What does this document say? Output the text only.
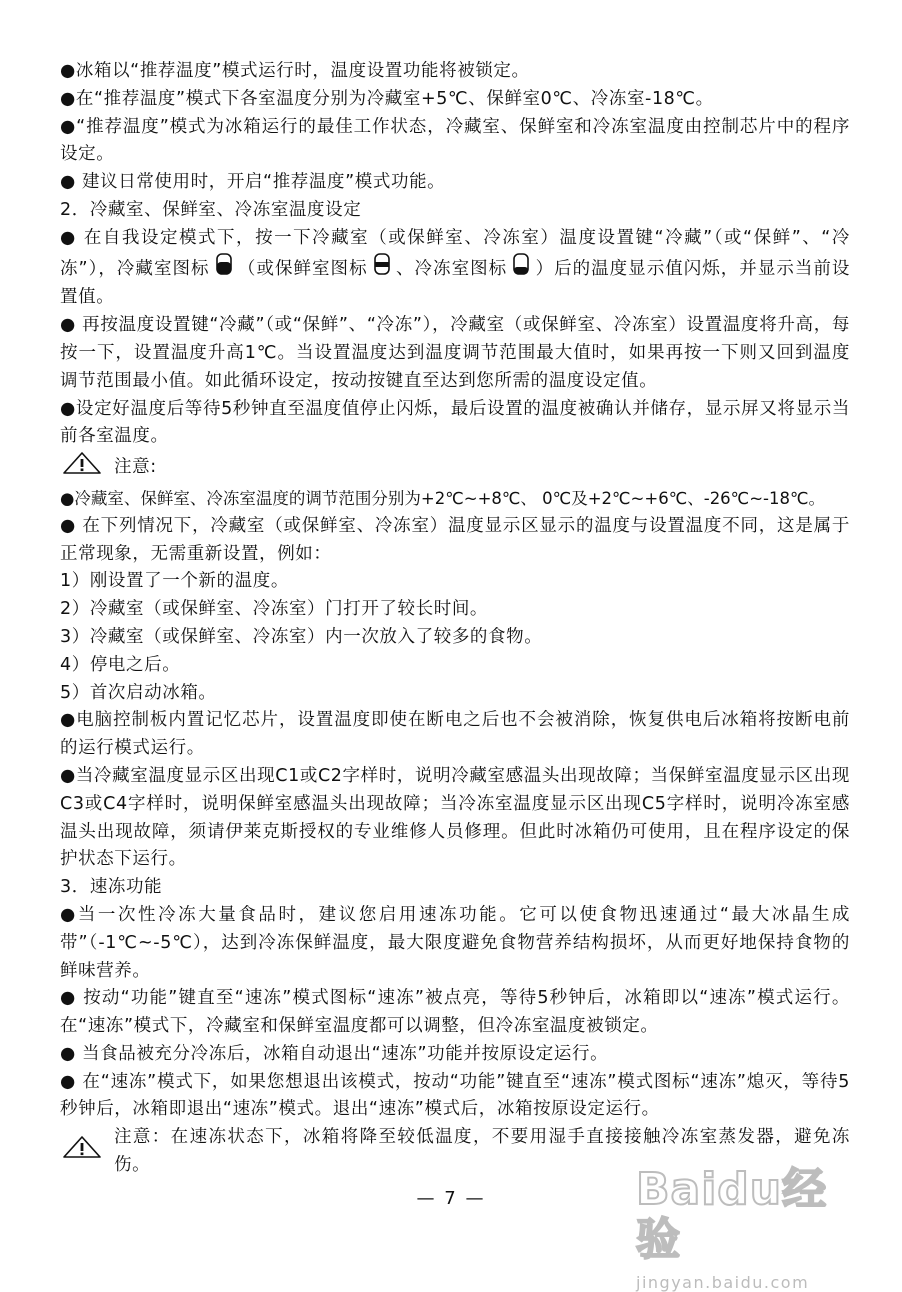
●冰箱以“推荐温度”模式运行时，温度设置功能将被锁定。

●在“推荐温度”模式下各室温度分别为冷藏室+5℃、保鲜室0℃、冷冻室-18℃。

●“推荐温度”模式为冰箱运行的最佳工作状态，冷藏室、保鲜室和冷冻室温度由控制芯片中的程序设定。

● 建议日常使用时，开启“推荐温度”模式功能。

2．冷藏室、保鲜室、冷冻室温度设定

● 在自我设定模式下，按一下冷藏室（或保鲜室、冷冻室）温度设置键“冷藏”（或“保鲜”、“冷冻”），冷藏室图标 （或保鲜室图标 、冷冻室图标 ）后的温度显示值闪烁，并显示当前设置值。

● 再按温度设置键“冷藏”（或“保鲜”、“冷冻”），冷藏室（或保鲜室、冷冻室）设置温度将升高，每按一下，设置温度升高1℃。当设置温度达到温度调节范围最大值时，如果再按一下则又回到温度调节范围最小值。如此循环设定，按动按键直至达到您所需的温度设定值。

●设定好温度后等待5秒钟直至温度值停止闪烁，最后设置的温度被确认并储存，显示屏又将显示当前各室温度。

注意:

●冷藏室、保鲜室、冷冻室温度的调节范围分别为+2℃~+8℃、 0℃及+2℃~+6℃、-26℃~-18℃。

● 在下列情况下，冷藏室（或保鲜室、冷冻室）温度显示区显示的温度与设置温度不同，这是属于正常现象，无需重新设置，例如：

1）刚设置了一个新的温度。

2）冷藏室（或保鲜室、冷冻室）门打开了较长时间。

3）冷藏室（或保鲜室、冷冻室）内一次放入了较多的食物。

4）停电之后。

5）首次启动冰箱。

●电脑控制板内置记忆芯片，设置温度即使在断电之后也不会被消除，恢复供电后冰箱将按断电前的运行模式运行。

●当冷藏室温度显示区出现C1或C2字样时，说明冷藏室感温头出现故障；当保鲜室温度显示区出现C3或C4字样时，说明保鲜室感温头出现故障；当冷冻室温度显示区出现C5字样时，说明冷冻室感温头出现故障，须请伊莱克斯授权的专业维修人员修理。但此时冰箱仍可使用，且在程序设定的保护状态下运行。

3．速冻功能

●当一次性冷冻大量食品时，建议您启用速冻功能。它可以使食物迅速通过“最大冰晶生成带”（-1℃~-5℃），达到冷冻保鲜温度，最大限度避免食物营养结构损坏，从而更好地保持食物的鲜味营养。

● 按动“功能”键直至“速冻”模式图标“速冻”被点亮，等待5秒钟后，冰箱即以“速冻”模式运行。在“速冻”模式下，冷藏室和保鲜室温度都可以调整，但冷冻室温度被锁定。

● 当食品被充分冷冻后，冰箱自动退出“速冻”功能并按原设定运行。

● 在“速冻”模式下，如果您想退出该模式，按动“功能”键直至“速冻”模式图标“速冻”熄灭，等待5秒钟后，冰箱即退出“速冻”模式。退出“速冻”模式后，冰箱按原设定运行。

注意：在速冻状态下，冰箱将降至较低温度，不要用湿手直接接触冷冻室蒸发器，避免冻伤。

— 7 —	Baidu经验
jingyan.baidu.com
